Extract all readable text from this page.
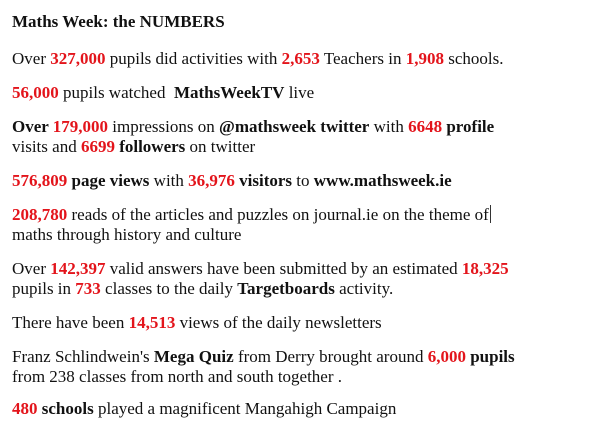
Maths Week: the NUMBERS
Over 327,000 pupils did activities with 2,653 Teachers in 1,908 schools.
56,000 pupils watched  MathsWeekTV live
Over 179,000 impressions on @mathsweek twitter with 6648 profile
visits and 6699 followers on twitter
576,809 page views with 36,976 visitors to www.mathsweek.ie
208,780 reads of the articles and puzzles on journal.ie on the theme of
maths through history and culture
Over 142,397 valid answers have been submitted by an estimated 18,325
pupils in 733 classes to the daily Targetboards activity.
There have been 14,513 views of the daily newsletters
Franz Schlindwein's Mega Quiz from Derry brought around 6,000 pupils
from 238 classes from north and south together .
480 schools played a magnificent Mangahigh Campaign
